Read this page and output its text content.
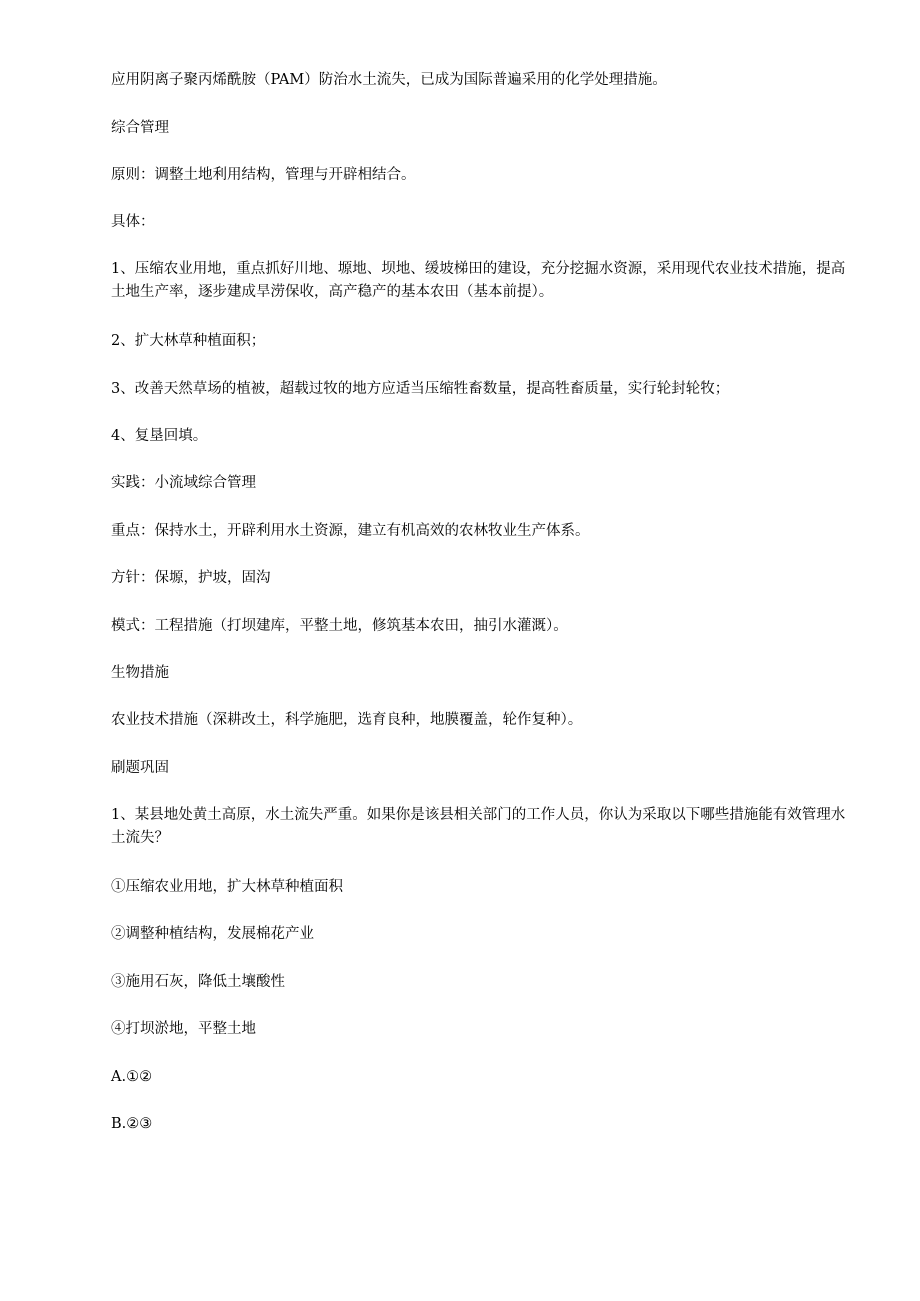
应用阴离子聚丙烯酰胺（PAM）防治水土流失，已成为国际普遍采用的化学处理措施。

综合管理

原则：调整土地利用结构，管理与开辟相结合。

具体：

1、压缩农业用地，重点抓好川地、塬地、坝地、缓坡梯田的建设，充分挖掘水资源，采用现代农业技术措施，提高土地生产率，逐步建成旱涝保收，高产稳产的基本农田（基本前提）。

2、扩大林草种植面积；

3、改善天然草场的植被，超载过牧的地方应适当压缩牲畜数量，提高牲畜质量，实行轮封轮牧；

4、复垦回填。

实践：小流域综合管理

重点：保持水土，开辟利用水土资源，建立有机高效的农林牧业生产体系。

方针：保塬，护坡，固沟

模式：工程措施（打坝建库，平整土地，修筑基本农田，抽引水灌溉）。

生物措施

农业技术措施（深耕改土，科学施肥，选育良种，地膜覆盖，轮作复种）。

刷题巩固

1、某县地处黄土高原，水土流失严重。如果你是该县相关部门的工作人员，你认为采取以下哪些措施能有效管理水土流失？

①压缩农业用地，扩大林草种植面积

②调整种植结构，发展棉花产业

③施用石灰，降低土壤酸性

④打坝淤地，平整土地

A.①②

B.②③
